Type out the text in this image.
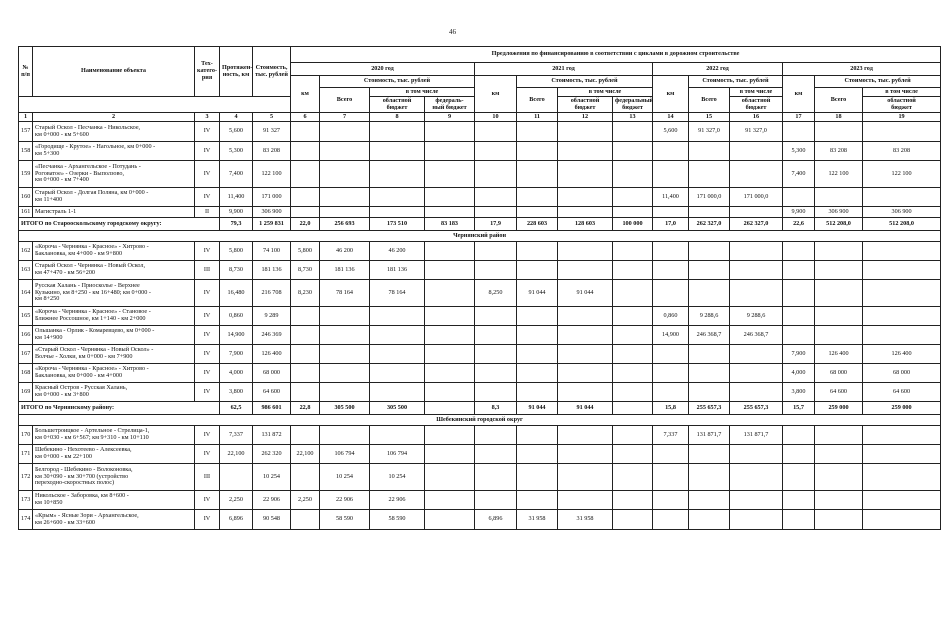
46
№
п/п	Наименование объекта	Тех-
катего-
рия	Протяжен-
ность, км	Стоимость,
тыс. рублей	Предложения по финансированию в соответствии с циклами в дорожном строительстве													
					2020 год				2021 год				2022 год			2023 год		
					км	Стоимость, тыс. рублей			км	Стоимость, тыс. рублей			км	Стоимость, тыс. рублей		км	Стоимость, тыс. рублей	
						Всего	в том числе			Всего	в том числе			Всего	в том числе		Всего	в том числе
							областной
бюджет	федераль-
ный бюджет			областной
бюджет	федеральный
бюджет			областной
бюджет			областной
бюджет
1	2	3	4	5	6	7	8	9	10	11	12	13	14	15	16	17	18	19
157	Старый Оскол - Песчанка - Никольское,
км 0+000 - км 5+600	IV	5,600	91 327									5,600	91 327,0	91 327,0			
158	«Городище - Крутое» - Нагольное, км 0+000 -
км 5+300	IV	5,300	83 208												5,300	83 208	83 208
159	«Песчанка - Архангельское - Потудань -
Роговатое» - Озерки - Выползово,
км 0+000 - км 7+400	IV	7,400	122 100												7,400	122 100	122 100
160	Старый Оскол - Долгая Поляна, км 0+000 -
км 11+400	IV	11,400	171 000									11,400	171 000,0	171 000,0			
161	Магистраль 1-1	II	9,900	306 900												9,900	306 900	306 900
ИТОГО по Старооскольскому городскому округу:			79,3	1 259 831	22,0	256 693	173 510	83 183	17,9	228 603	128 603	100 000	17,0	262 327,0	262 327,0	22,6	512 208,0	512 208,0
Чернянский район																		
162	«Короча - Чернянка - Красное» - Хитрово -
Баклановка, км 4+000 - км 9+800	IV	5,800	74 100	5,800	46 200	46 200											
163	Старый Оскол - Чернянка - Новый Оскол,
км 47+470 - км 56+200	III	8,730	181 136	8,730	181 136	181 136											
164	Русская Халань - Приосколье - Верхнее
Кузькино, км 8+250 - км 16+480; км 0+000 -
км 8+250	IV	16,480	216 708	8,230	78 164	78 164		8,250	91 044	91 044							
165	«Короча - Чернянка - Красное» - Становое -
Ближнее Россошное, км 1+140 - км 2+000	IV	0,860	9 289									0,860	9 288,6	9 288,6			
166	Ольшанка - Орлик - Комаревцево, км 0+000 -
км 14+900	IV	14,900	246 369									14,900	246 368,7	246 368,7			
167	«Старый Оскол - Чернянка - Новый Оскол» -
Волчье - Холки, км 0+000 - км 7+900	IV	7,900	126 400												7,900	126 400	126 400
168	«Короча - Чернянка - Красное» - Хитрово -
Баклановка, км 0+000 - км 4+000	IV	4,000	68 000												4,000	68 000	68 000
169	Красный Остров - Русская Халань,
км 0+000 - км 3+800	IV	3,800	64 600												3,800	64 600	64 600
ИТОГО по Чернянскому району:			62,5	986 601	22,8	305 500	305 500		8,3	91 044	91 044		15,8	255 657,3	255 657,3	15,7	259 000	259 000
Шебекинский городской округ																		
170	Большетроицкое - Артельное - Стрелица-1,
км 0+030 - км 6+567; км 9+310 - км 10+110	IV	7,337	131 872									7,337	131 871,7	131 871,7			
171	Шебекино - Нехотеево - Алексеевка,
км 0+000 - км 22+100	IV	22,100	262 320	22,100	106 794	106 794											
172	Белгород - Шебекино - Волоконовка,
км 30+090 - км 30+700 (устройство
переходно-скоростных полос)	III		10 254		10 254	10 254											
173	Никольское - Заборовка, км 8+600 -
км 10+850	IV	2,250	22 906	2,250	22 906	22 906											
174	«Крым» - Ясные Зори - Архангельское,
км 26+600 - км 33+600	IV	6,896	90 548		58 590	58 590		6,896	31 958	31 958							
